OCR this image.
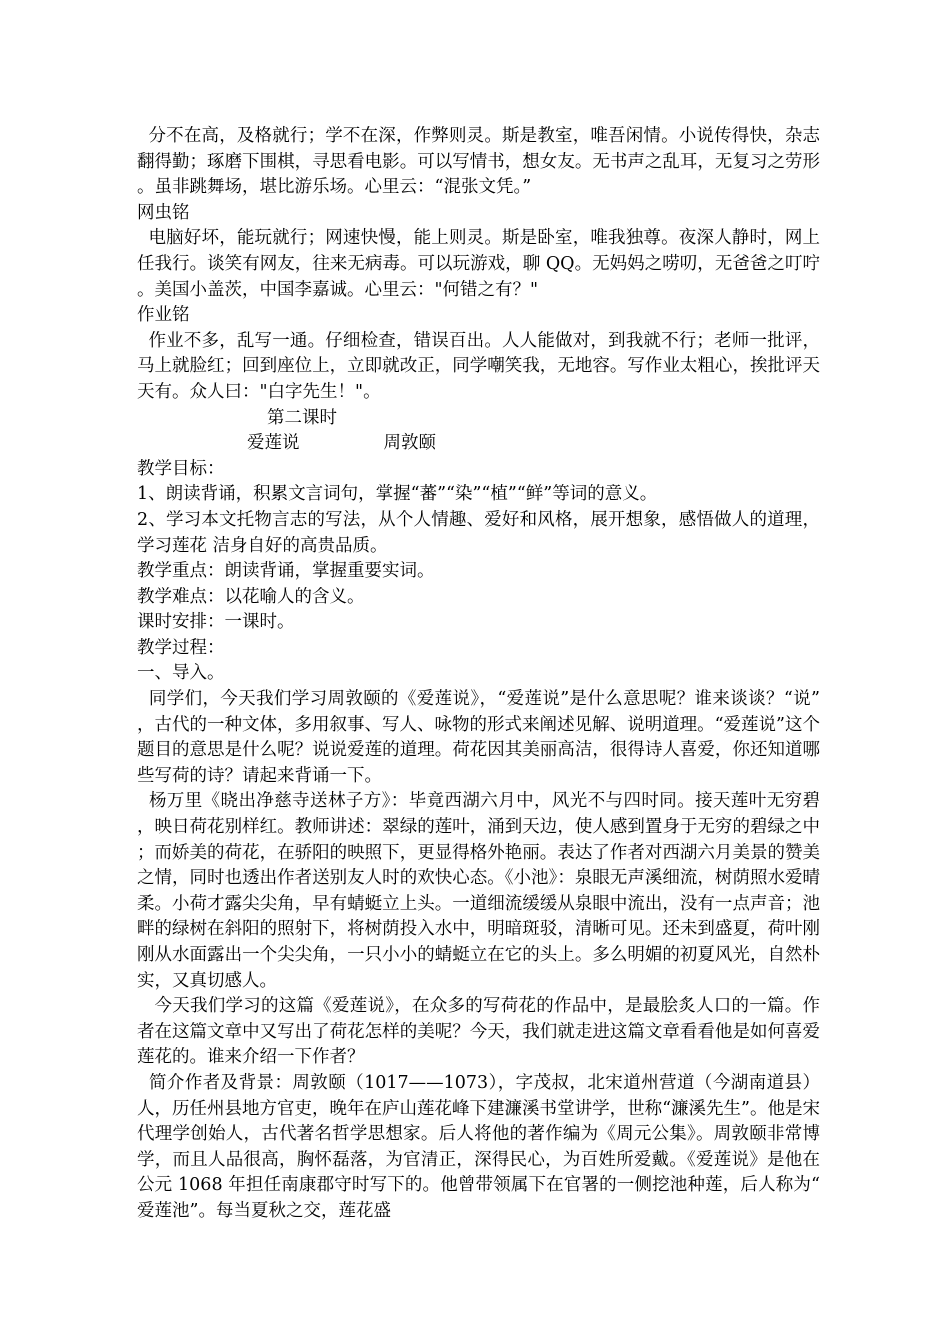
分不在高，及格就行；学不在深，作弊则灵。斯是教室，唯吾闲情。小说传得快，杂志翻得勤；琢磨下围棋，寻思看电影。可以写情书，想女友。无书声之乱耳，无复习之劳形。虽非跳舞场，堪比游乐场。心里云：“混张文凭。”

网虫铭

电脑好坏，能玩就行；网速快慢，能上则灵。斯是卧室，唯我独尊。夜深人静时，网上任我行。谈笑有网友，往来无病毒。可以玩游戏，聊 QQ。无妈妈之唠叨，无爸爸之叮咛。美国小盖茨，中国李嘉诚。心里云："何错之有？"

作业铭

作业不多，乱写一通。仔细检查，错误百出。人人能做对，到我就不行；老师一批评，马上就脸红；回到座位上，立即就改正，同学嘲笑我，无地容。写作业太粗心，挨批评天天有。众人曰："白字先生！"。

第二课时

爱莲说	周敦颐

教学目标：

1、朗读背诵，积累文言词句，掌握“蕃”“染”“植”“鲜”等词的意义。

2、学习本文托物言志的写法，从个人情趣、爱好和风格，展开想象，感悟做人的道理，学习莲花 洁身自好的高贵品质。

教学重点：朗读背诵，掌握重要实词。

教学难点：以花喻人的含义。

课时安排：一课时。

教学过程：

一、导入。

同学们，今天我们学习周敦颐的《爱莲说》，“爱莲说”是什么意思呢？谁来谈谈？“说”，古代的一种文体，多用叙事、写人、咏物的形式来阐述见解、说明道理。“爱莲说”这个题目的意思是什么呢？说说爱莲的道理。荷花因其美丽高洁，很得诗人喜爱，你还知道哪些写荷的诗？请起来背诵一下。

杨万里《晓出净慈寺送林子方》：毕竟西湖六月中，风光不与四时同。接天莲叶无穷碧，映日荷花别样红。教师讲述：翠绿的莲叶，涌到天边，使人感到置身于无穷的碧绿之中；而娇美的荷花，在骄阳的映照下，更显得格外艳丽。表达了作者对西湖六月美景的赞美之情，同时也透出作者送别友人时的欢快心态。《小池》：泉眼无声溪细流，树荫照水爱晴柔。小荷才露尖尖角，早有蜻蜓立上头。一道细流缓缓从泉眼中流出，没有一点声音；池畔的绿树在斜阳的照射下，将树荫投入水中，明暗斑驳，清晰可见。还未到盛夏，荷叶刚刚从水面露出一个尖尖角，一只小小的蜻蜓立在它的头上。多么明媚的初夏风光，自然朴实，又真切感人。

今天我们学习的这篇《爱莲说》，在众多的写荷花的作品中，是最脍炙人口的一篇。作者在这篇文章中又写出了荷花怎样的美呢？今天，我们就走进这篇文章看看他是如何喜爱莲花的。谁来介绍一下作者？

简介作者及背景：周敦颐（1017——1073），字茂叔，北宋道州营道（今湖南道县）人，历任州县地方官吏，晚年在庐山莲花峰下建濂溪书堂讲学，世称“濂溪先生”。他是宋代理学创始人，古代著名哲学思想家。后人将他的著作编为《周元公集》。周敦颐非常博学，而且人品很高，胸怀磊落，为官清正，深得民心，为百姓所爱戴。《爱莲说》是他在公元 1068 年担任南康郡守时写下的。他曾带领属下在官署的一侧挖池种莲，后人称为“爱莲池”。每当夏秋之交，莲花盛
